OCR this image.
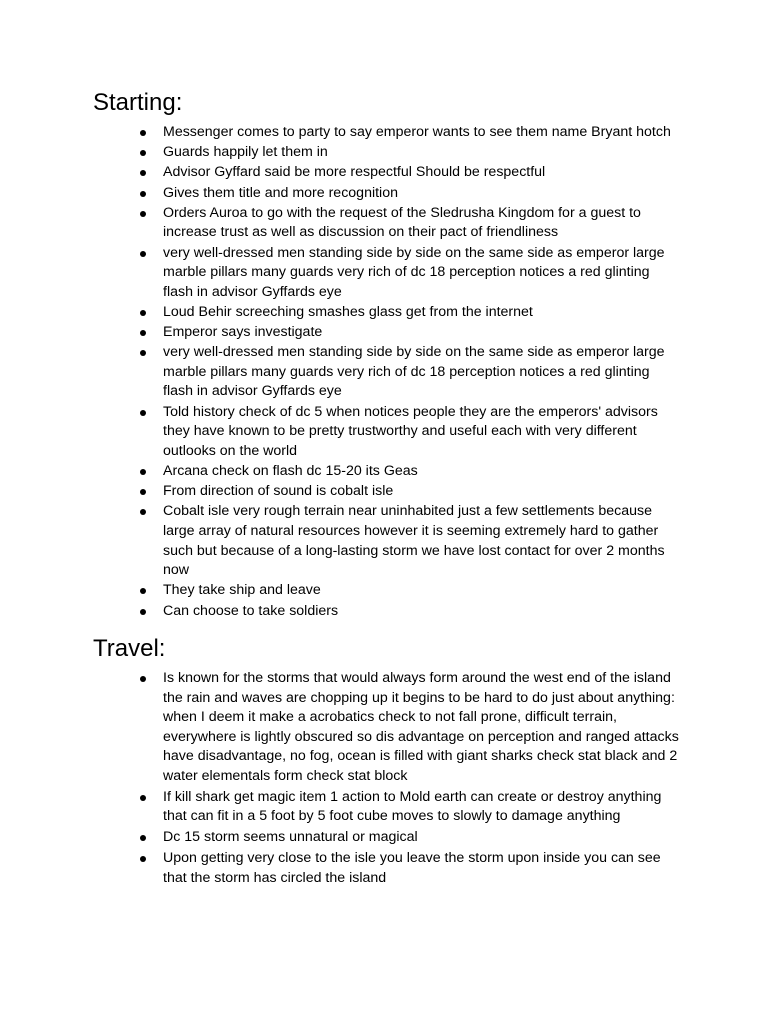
Starting:
Messenger comes to party to say emperor wants to see them name Bryant hotch
Guards happily let them in
Advisor Gyffard said be more respectful Should be respectful
Gives them title and more recognition
Orders Auroa to go with the request of the Sledrusha Kingdom for a guest to increase trust as well as discussion on their pact of friendliness
very well-dressed men standing side by side on the same side as emperor large marble pillars many guards very rich of dc 18 perception notices a red glinting flash in advisor Gyffards eye
Loud Behir screeching smashes glass get from the internet
Emperor says investigate
very well-dressed men standing side by side on the same side as emperor large marble pillars many guards very rich of dc 18 perception notices a red glinting flash in advisor Gyffards eye
Told history check of dc 5 when notices people they are the emperors' advisors they have known to be pretty trustworthy and useful each with very different outlooks on the world
Arcana check on flash dc 15-20 its Geas
From direction of sound is cobalt isle
Cobalt isle very rough terrain near uninhabited just a few settlements because large array of natural resources however it is seeming extremely hard to gather such but because of a long-lasting storm we have lost contact for over 2 months now
They take ship and leave
Can choose to take soldiers
Travel:
Is known for the storms that would always form around the west end of the island the rain and waves are chopping up it begins to be hard to do just about anything: when I deem it make a acrobatics check to not fall prone, difficult terrain, everywhere is lightly obscured so dis advantage on perception and ranged attacks have disadvantage, no fog, ocean is filled with giant sharks check stat black and 2 water elementals form check stat block
If kill shark get magic item 1 action to Mold earth can create or destroy anything that can fit in a 5 foot by 5 foot cube moves to slowly to damage anything
Dc 15 storm seems unnatural or magical
Upon getting very close to the isle you leave the storm upon inside you can see that the storm has circled the island
